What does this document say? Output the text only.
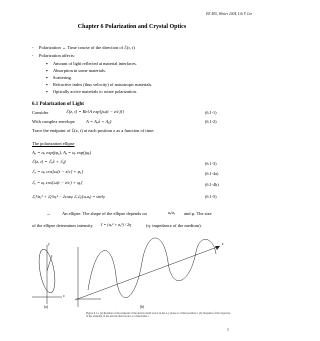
EE 485, Winter 2004, Lih Y. Lin
Chapter 6 Polarization and Crystal Optics
- Polarization ↔ Time course of the direction of ℰ(r, t)
- Polarization affects:
▪ Amount of light reflected at material interfaces.
▪ Absorption in some materials.
▪ Scattering.
▪ Refractive index (thus velocity) of anisotropic materials.
▪ Optically active materials to rotate polarization.
6.1 Polarization of Light
Consider	ℰ(z, t) = Re{A exp[jω(t − z/c)]}	(6.1-1)
With complex envelope A = Aₓx̂ + Aᵧŷ	(6.1-2)
Trace the endpoint of ℰ(z, t) at each position z as a function of time.
The polarization ellipse
Aₓ = aₓ exp(jφₓ), Aᵧ = aᵧ exp(jφᵧ)
ℰ(z, t) = ℰₓx̂ + ℰᵧŷ	(6.1-3)
ℰₓ = aₓ cos[ω(t − z/c) + φₓ]	(6.1-4a)
ℰᵧ = aᵧ cos[ω(t − z/c) + φᵧ]	(6.1-4b)
ℰₓ²/aₓ² + ℰᵧ²/aᵧ² − 2cosφ ℰₓℰᵧ/(aₓaᵧ) = sin²φ	(6.1-5)
→	An ellipse. The shape of the ellipse depends on	aᵧ/aₓ and φ. The size
of the ellipse determines intensity I = (aₓ² + aᵧ²) / 2η	(η: impedance of the medium).
y
x
z
(a)	(b)
Figure 6.1-1 (a) Rotation of the endpoint of the electric-field vector in the x-y plane at a fixed position z. (b) Snapshot of the trajectory of the endpoint of the electric-field vector at a fixed time t.
1
